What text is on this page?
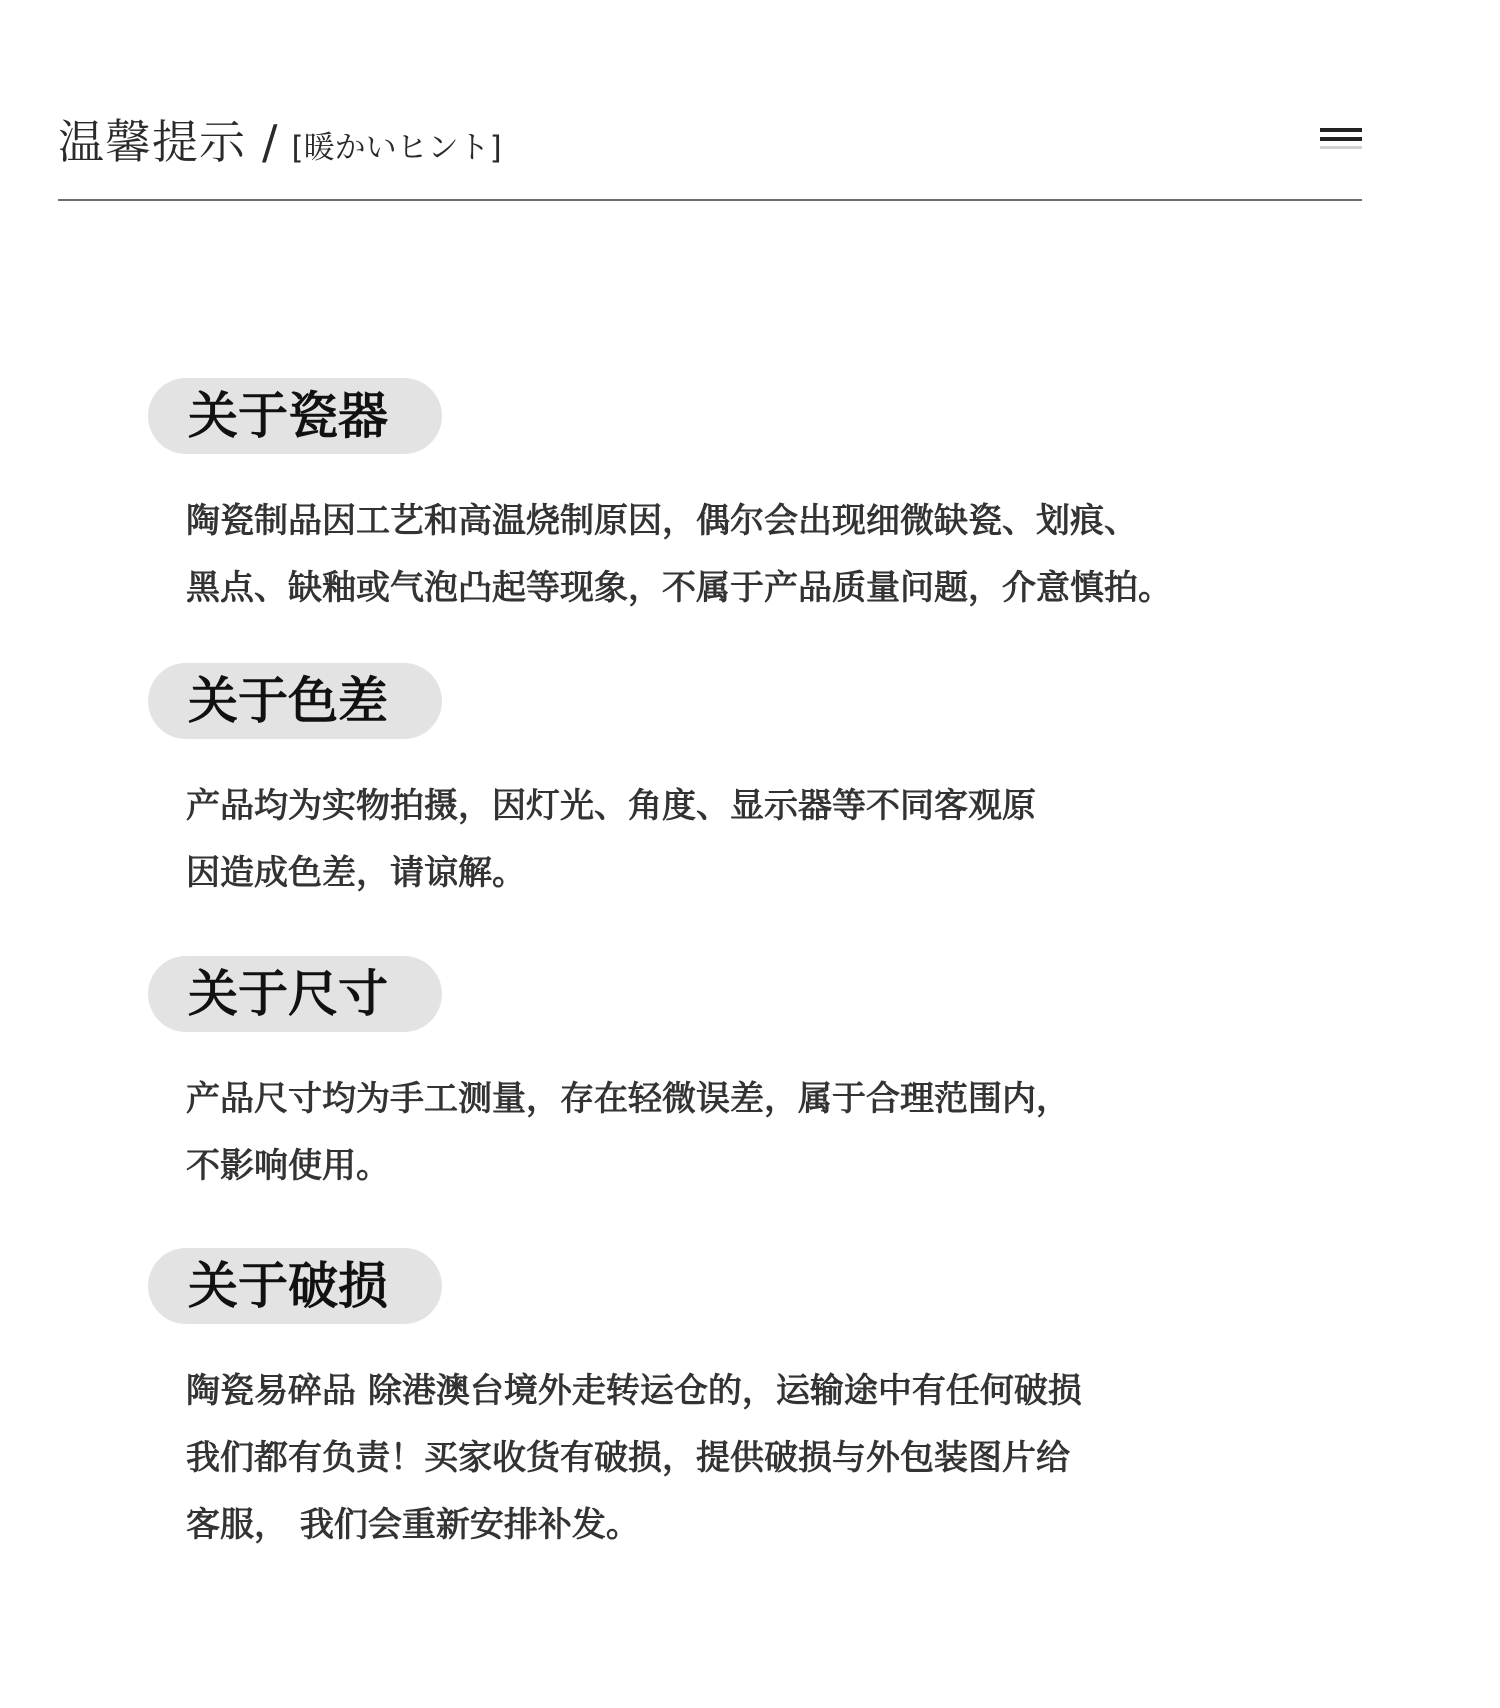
温馨提示 / [暖かいヒント]
关于瓷器
陶瓷制品因工艺和高温烧制原因，偶尔会出现细微缺瓷、划痕、
黑点、缺釉或气泡凸起等现象，不属于产品质量问题，介意慎拍。
关于色差
产品均为实物拍摄，因灯光、角度、显示器等不同客观原
因造成色差，请谅解。
关于尺寸
产品尺寸均为手工测量，存在轻微误差，属于合理范围内，
不影响使用。
关于破损
陶瓷易碎品 除港澳台境外走转运仓的，运输途中有任何破损
我们都有负责！买家收货有破损，提供破损与外包装图片给
客服， 我们会重新安排补发。
